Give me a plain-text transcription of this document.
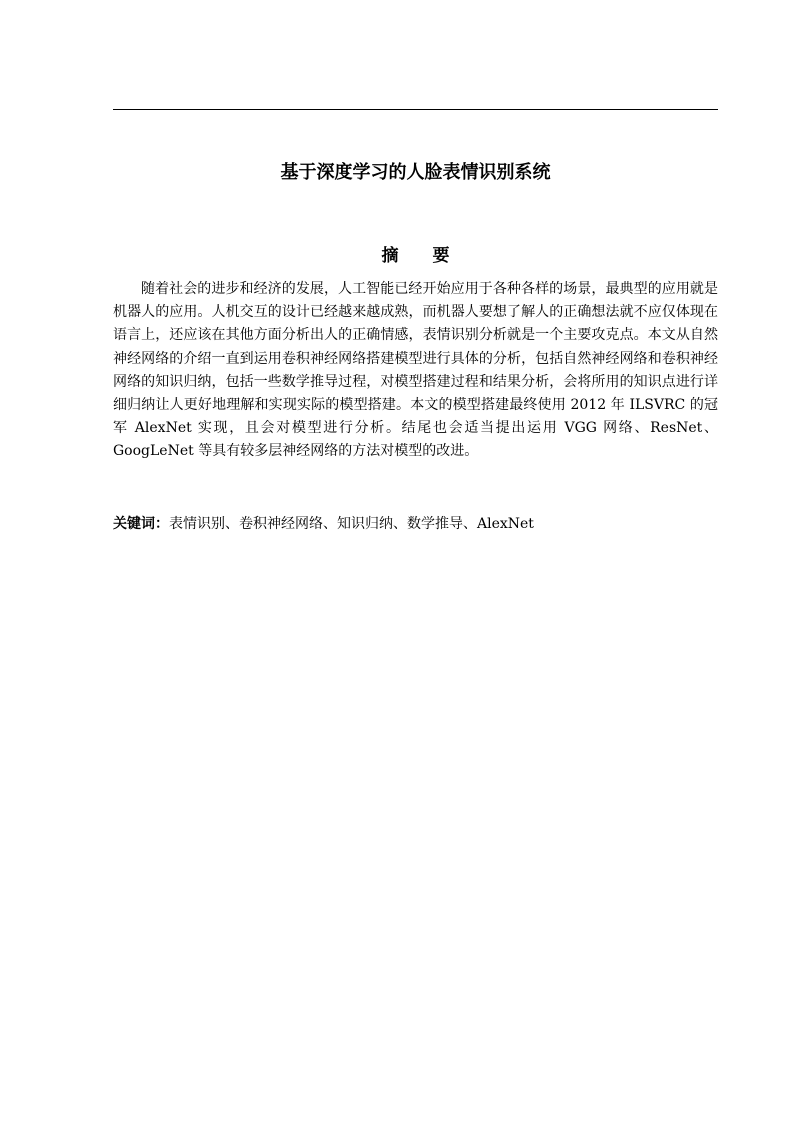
基于深度学习的人脸表情识别系统
摘 要

随着社会的进步和经济的发展，人工智能已经开始应用于各种各样的场景，最典型的应用就是机器人的应用。人机交互的设计已经越来越成熟，而机器人要想了解人的正确想法就不应仅体现在语言上，还应该在其他方面分析出人的正确情感，表情识别分析就是一个主要攻克点。本文从自然神经网络的介绍一直到运用卷积神经网络搭建模型进行具体的分析，包括自然神经网络和卷积神经网络的知识归纳，包括一些数学推导过程，对模型搭建过程和结果分析，会将所用的知识点进行详细归纳让人更好地理解和实现实际的模型搭建。本文的模型搭建最终使用 2012 年 ILSVRC 的冠军 AlexNet 实现，且会对模型进行分析。结尾也会适当提出运用 VGG 网络、ResNet、GoogLeNet 等具有较多层神经网络的方法对模型的改进。

关键词：表情识别、卷积神经网络、知识归纳、数学推导、AlexNet
